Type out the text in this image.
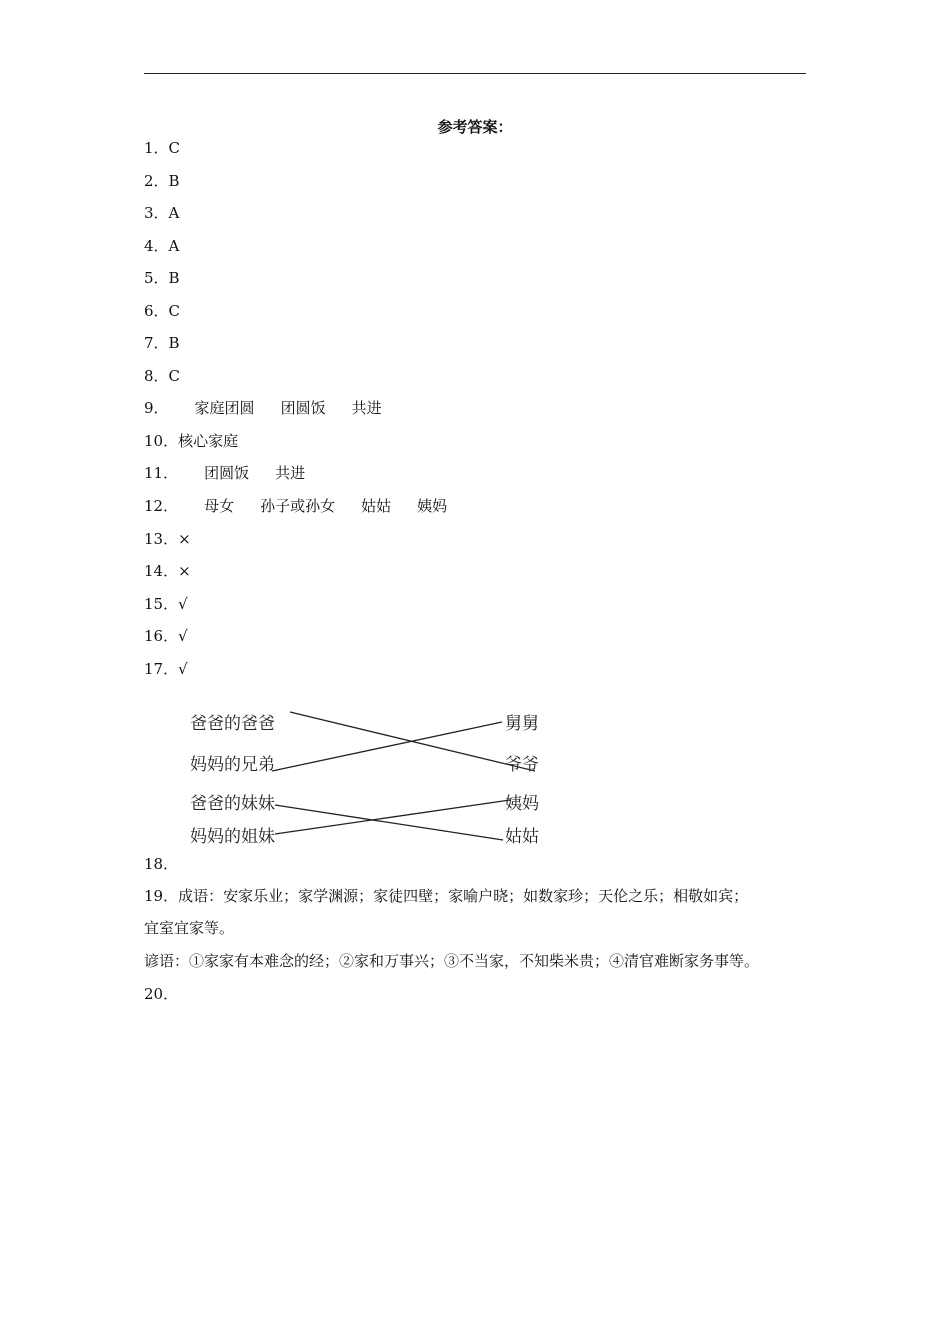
参考答案：
1．C
2．B
3．A
4．A
5．B
6．C
7．B
8．C
9． 家庭团圆 团圆饭 共进
10．核心家庭
11． 团圆饭 共进
12． 母女 孙子或孙女 姑姑 姨妈
13．×
14．×
15．√
16．√
17．√
爸爸的爸爸
妈妈的兄弟
爸爸的妹妹
妈妈的姐妹
舅舅
爷爷
姨妈
姑姑
18．
19．成语：安家乐业；家学渊源；家徒四壁；家喻户晓；如数家珍；天伦之乐；相敬如宾；
宜室宜家等。
谚语：①家家有本难念的经；②家和万事兴；③不当家，不知柴米贵；④清官难断家务事等。
20．
